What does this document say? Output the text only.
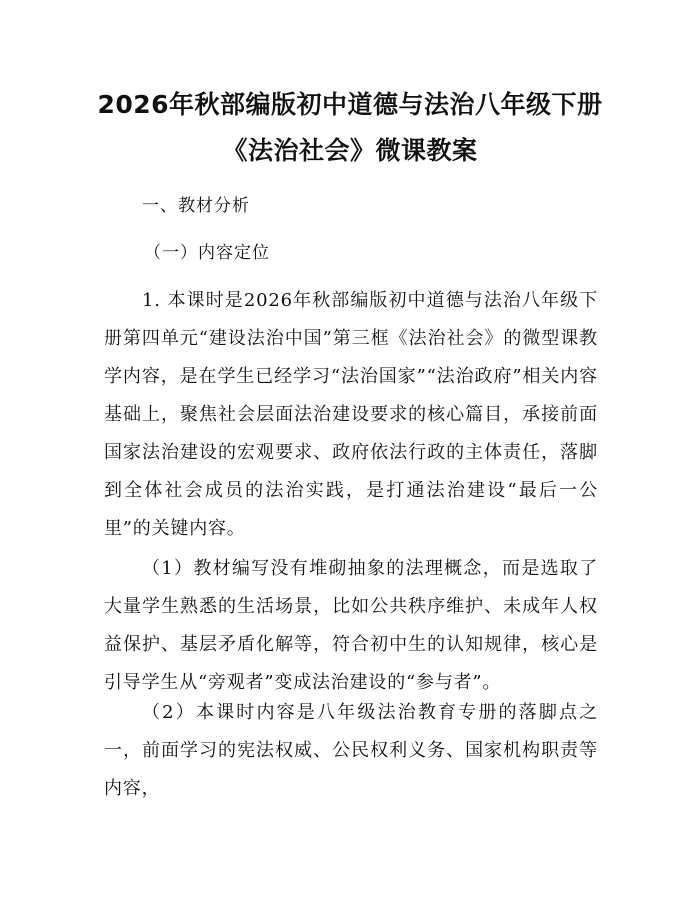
2026年秋部编版初中道德与法治八年级下册
《法治社会》微课教案
一、教材分析
（一）内容定位

1. 本课时是2026年秋部编版初中道德与法治八年级下册第四单元“建设法治中国”第三框《法治社会》的微型课教学内容，是在学生已经学习“法治国家”“法治政府”相关内容基础上，聚焦社会层面法治建设要求的核心篇目，承接前面国家法治建设的宏观要求、政府依法行政的主体责任，落脚到全体社会成员的法治实践，是打通法治建设“最后一公里”的关键内容。

（1）教材编写没有堆砌抽象的法理概念，而是选取了大量学生熟悉的生活场景，比如公共秩序维护、未成年人权益保护、基层矛盾化解等，符合初中生的认知规律，核心是引导学生从“旁观者”变成法治建设的“参与者”。

（2）本课时内容是八年级法治教育专册的落脚点之一，前面学习的宪法权威、公民权利义务、国家机构职责等内容，
